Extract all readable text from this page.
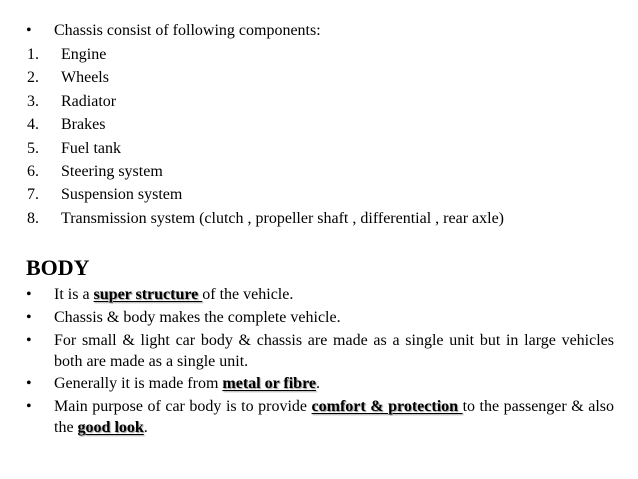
• Chassis consist of following components:
1. Engine
2. Wheels
3. Radiator
4. Brakes
5. Fuel tank
6. Steering system
7. Suspension system
8. Transmission system (clutch , propeller shaft , differential , rear axle)
BODY
• It is a super structure of the vehicle.
• Chassis & body makes the complete vehicle.
• For small & light car body & chassis are made as a single unit but in large vehicles both are made as a single unit.
• Generally it is made from metal or fibre.
• Main purpose of car body is to provide comfort & protection to the passenger & also the good look.
